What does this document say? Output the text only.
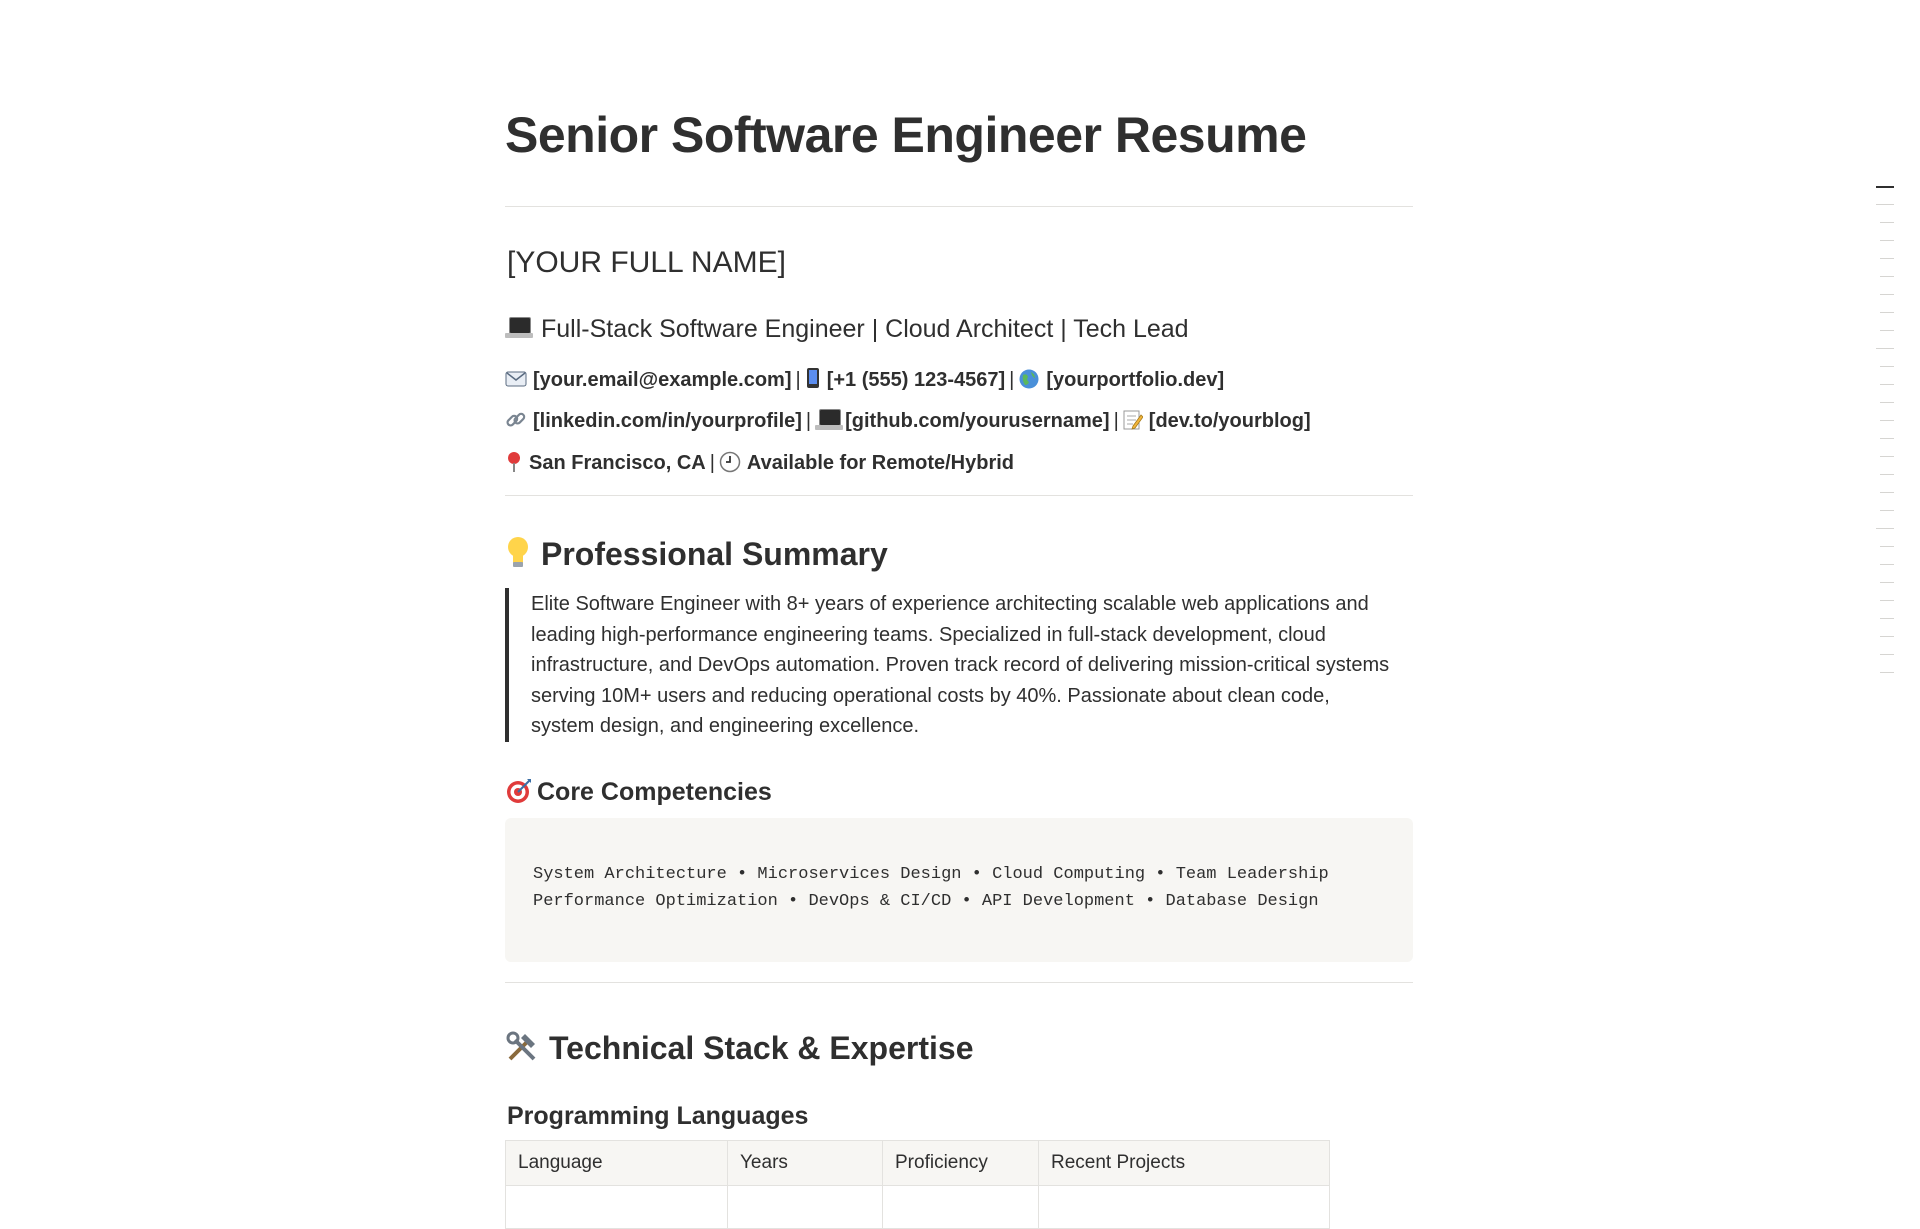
Senior Software Engineer Resume
[YOUR FULL NAME]
Full-Stack Software Engineer | Cloud Architect | Tech Lead
[your.email@example.com] | [+1 (555) 123-4567] | [yourportfolio.dev]
[linkedin.com/in/yourprofile] | [github.com/yourusername] | [dev.to/yourblog]
San Francisco, CA | Available for Remote/Hybrid
Professional Summary

Elite Software Engineer with 8+ years of experience architecting scalable web applications and leading high-performance engineering teams. Specialized in full-stack development, cloud infrastructure, and DevOps automation. Proven track record of delivering mission-critical systems serving 10M+ users and reducing operational costs by 40%. Passionate about clean code, system design, and engineering excellence.

Core Competencies
System Architecture • Microservices Design • Cloud Computing • Team Leadership
Performance Optimization • DevOps & CI/CD • API Development • Database Design
Technical Stack & Expertise
Programming Languages
Language	Years	Proficiency	Recent Projects
